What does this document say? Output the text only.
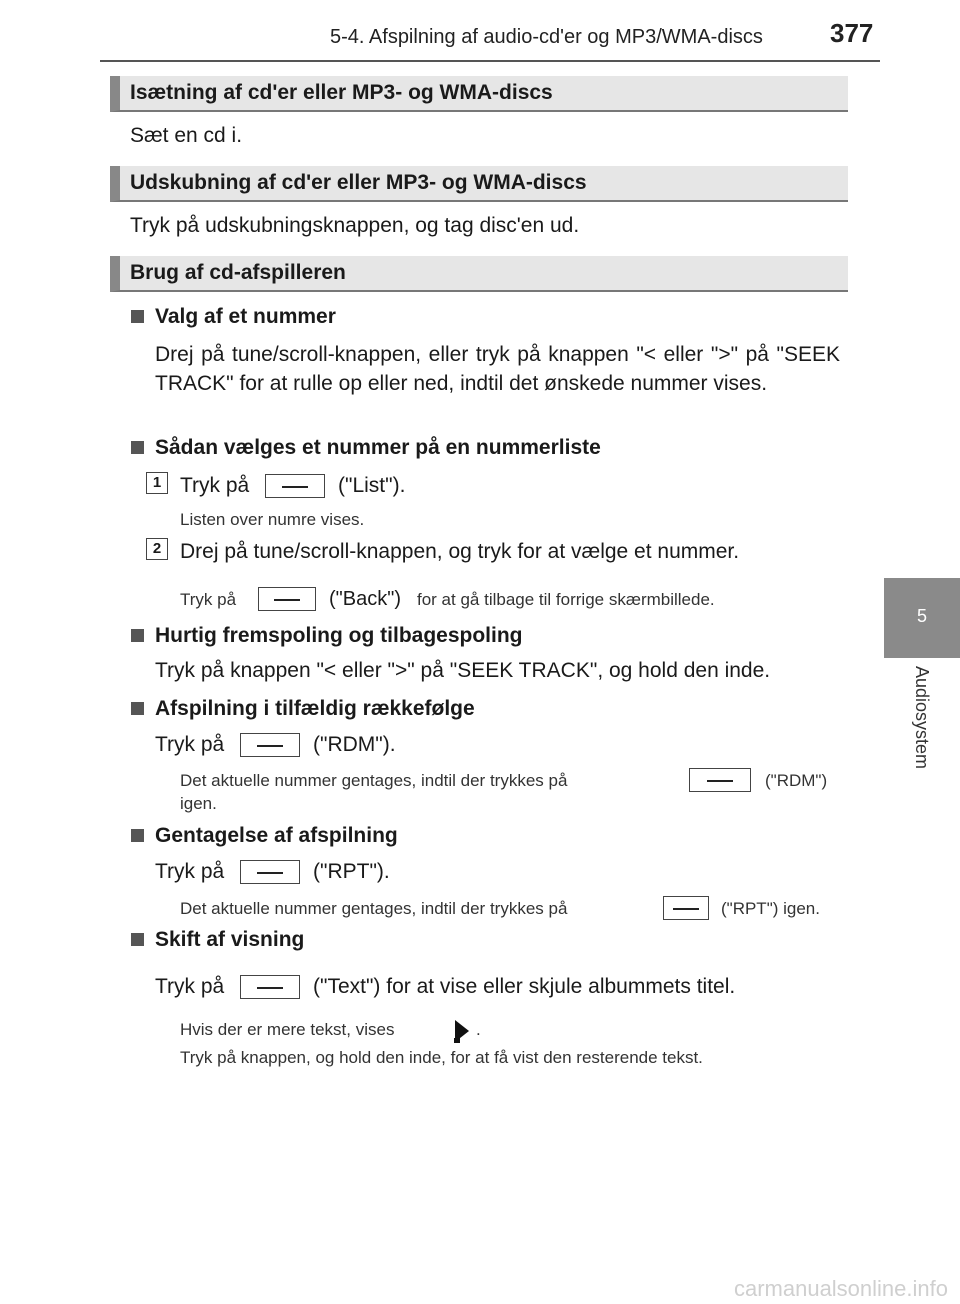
5-4. Afspilning af audio-cd'er og MP3/WMA-discs	377
5
Audiosystem
Isætning af cd'er eller MP3- og WMA-discs
Sæt en cd i.
Udskubning af cd'er eller MP3- og WMA-discs
Tryk på udskubningsknappen, og tag disc'en ud.
Brug af cd-afspilleren
Valg af et nummer
Drej på tune/scroll-knappen, eller tryk på knappen "< eller ">" på "SEEK TRACK" for at rulle op eller ned, indtil det ønskede nummer vises.
Sådan vælges et nummer på en nummerliste
1 Tryk på	("List").
Listen over numre vises.
2 Drej på tune/scroll-knappen, og tryk for at vælge et nummer.
Tryk på	("Back") for at gå tilbage til forrige skærmbillede.
Hurtig fremspoling og tilbagespoling
Tryk på knappen "< eller ">" på "SEEK TRACK", og hold den inde.
Afspilning i tilfældig rækkefølge
Tryk på	("RDM").
Det aktuelle nummer gentages, indtil der trykkes på	("RDM")
igen.
Gentagelse af afspilning
Tryk på	("RPT").
Det aktuelle nummer gentages, indtil der trykkes på	("RPT") igen.
Skift af visning
Tryk på	("Text") for at vise eller skjule albummets titel.
Hvis der er mere tekst, vises	.
Tryk på knappen, og hold den inde, for at få vist den resterende tekst.
carmanualsonline.info
